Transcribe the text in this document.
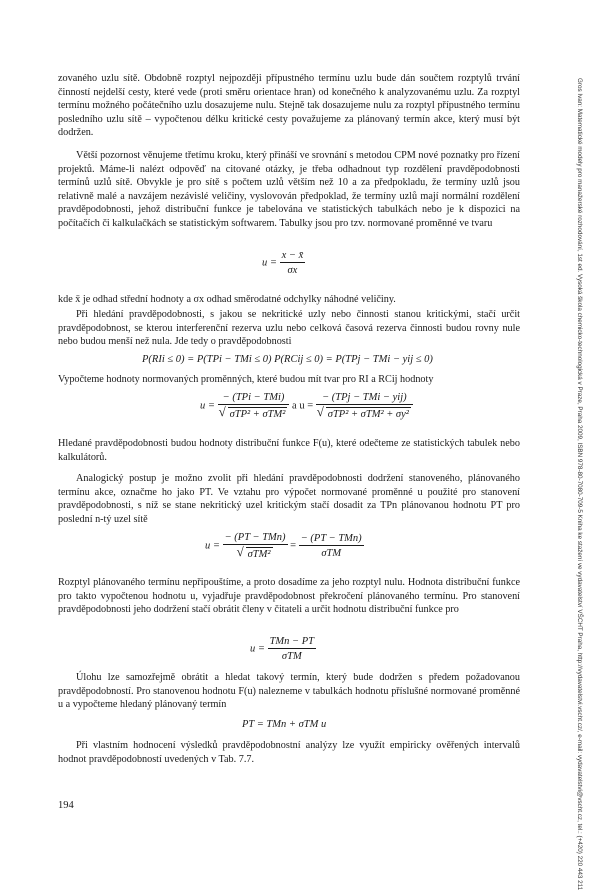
zovaného uzlu sítě. Obdobně rozptyl nejpozději přípustného termínu uzlu bude dán součtem rozptylů trvání činností nejdelší cesty, které vede (proti směru orientace hran) od konečného k analyzovanému uzlu. Za rozptyl termínu možného počátečního uzlu dosazujeme nulu. Stejně tak dosazujeme nulu za rozptyl přípustného termínu posledního uzlu sítě – vypočtenou délku kritické cesty považujeme za plánovaný termín akce, který musí být dodržen.

Větší pozornost věnujeme třetímu kroku, který přináší ve srovnání s metodou CPM nové poznatky pro řízení projektů. Máme-li nalézt odpověď na citované otázky, je třeba odhadnout typ rozdělení pravděpodobnosti termínů uzlů sítě. Obvykle je pro sítě s počtem uzlů větším než 10 a za předpokladu, že termíny uzlů jsou relativně malé a navzájem nezávislé veličiny, vyslovován předpoklad, že termíny uzlů mají normální rozdělení pravděpodobnosti, jehož distribuční funkce je tabelována ve statistických tabulkách nebo je k dispozici na počítačích či kalkulačkách se statistickým softwarem. Tabulky jsou pro tzv. normované proměnné ve tvaru

$u = \frac{x - x̄}{\sigma x}$

kde x̄ je odhad střední hodnoty a σx odhad směrodatné odchylky náhodné veličiny.

Při hledání pravděpodobnosti, s jakou se nekritické uzly nebo činnosti stanou kritickými, stačí určit pravděpodobnost, se kterou interferenční rezerva uzlu nebo celková časová rezerva činnosti budou rovny nule nebo budou menší než nula. Jde tedy o pravděpodobnosti

P(RIi ≤ 0) = P(TPi − TMi ≤ 0) P(RCij ≤ 0) = P(TPj − TMi − yij ≤ 0)

Vypočteme hodnoty normovaných proměnných, které budou mít tvar pro RI a RCij hodnoty

u = − (TPi − TMi)
√ σTP² + σTM² a u = − (TPj − TMi − yij)
√ σTP² + σTM² + σy²

Hledané pravděpodobnosti budou hodnoty distribuční funkce F(u), které odečteme ze statistických tabulek nebo kalkulátorů.

Analogický postup je možno zvolit při hledání pravděpodobnosti dodržení stanoveného, plánovaného termínu akce, označme ho jako PT. Ve vztahu pro výpočet normované proměnné u použité pro stanovení pravděpodobnosti, s níž se stane nekritický uzel kritickým stačí dosadit za TPn plánovanou hodnotu PT pro poslední n-tý uzel sítě

u = − (PT − TMn)
√ $\sigma TM^2 = \frac{\text{− (PT − TMn)}}{\text{σTM}}$

Rozptyl plánovaného termínu nepřipouštíme, a proto dosadíme za jeho rozptyl nulu. Hodnota distribuční funkce pro takto vypočtenou hodnotu u, vyjadřuje pravděpodobnost překročení plánovaného termínu. Pro stanovení pravděpodobnosti jeho dodržení stačí obrátit členy v čitateli a určit hodnotu distribuční funkce pro

$u = \frac{\text{TMn − PT}}{\text{σTM}}$

Úlohu lze samozřejmě obrátit a hledat takový termín, který bude dodržen s předem požadovanou pravděpodobností. Pro stanovenou hodnotu F(u) nalezneme v tabulkách hodnotu příslušné normované proměnné u a vypočteme hledaný plánovaný termín

PT = TMn + σTM u

Při vlastním hodnocení výsledků pravděpodobnostní analýzy lze využít empiricky ověřených intervalů hodnot pravděpodobností uvedených v Tab. 7.7.

194	Gros Ivan: Matematické modely pro manažerské rozhodování, 1st ed. Vysoká škola chemicko-technologická v Praze, Praha 2009, ISBN 978-80-7080-709-5 Kniha ke stažení ve vydavatelství VŠCHT Praha, http://vydavatelstvi.vscht.cz/, e-mail: vydavatelstvi@vscht.cz, tel.: (+420) 220 443 211
